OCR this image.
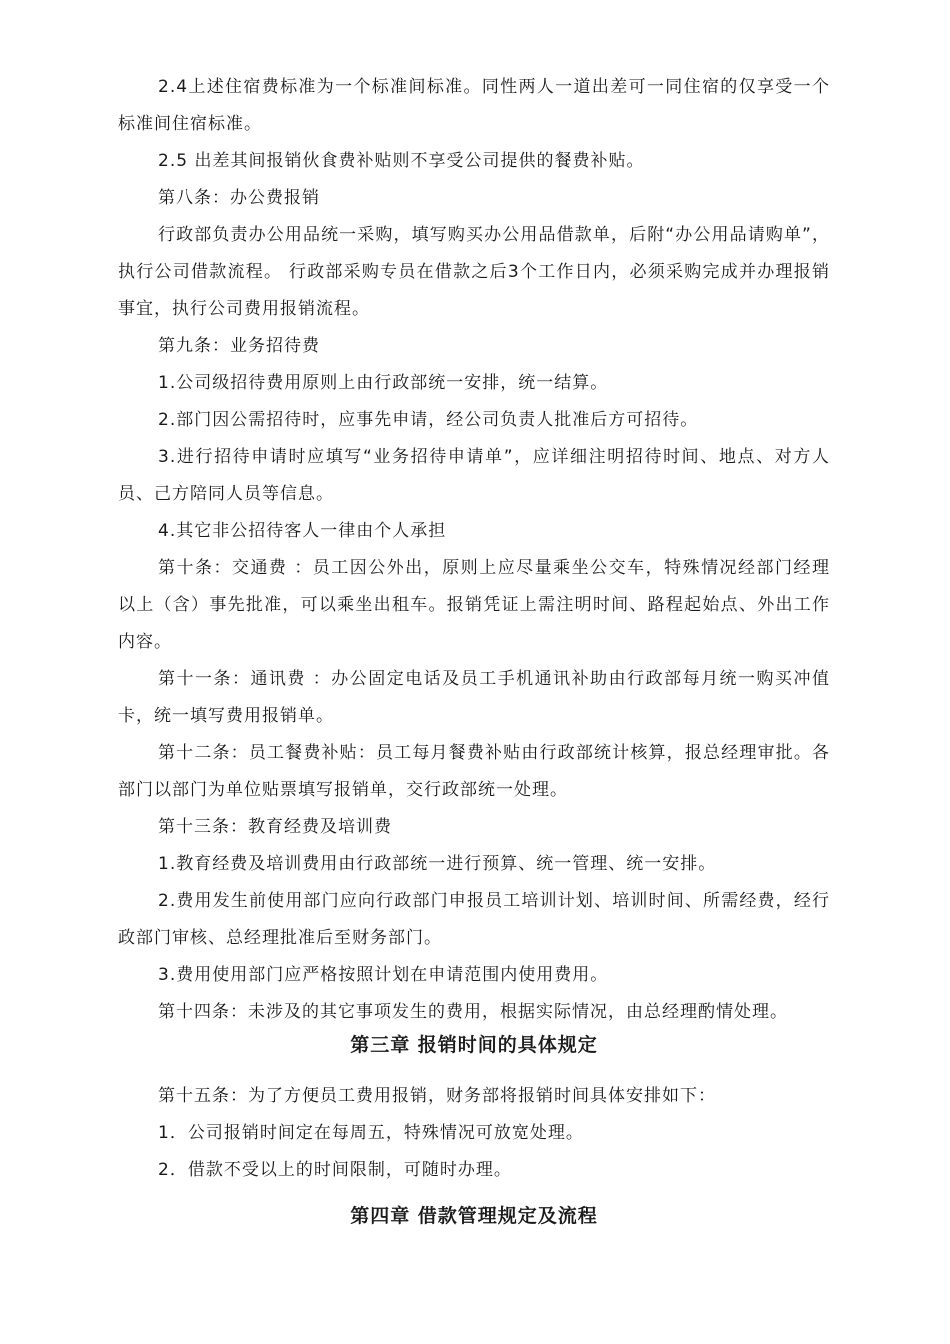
2.4上述住宿费标准为一个标准间标准。同性两人一道出差可一同住宿的仅享受一个标准间住宿标准。

2.5 出差其间报销伙食费补贴则不享受公司提供的餐费补贴。

第八条：办公费报销

行政部负责办公用品统一采购，填写购买办公用品借款单，后附“办公用品请购单”，执行公司借款流程。 行政部采购专员在借款之后3个工作日内，必须采购完成并办理报销事宜，执行公司费用报销流程。

第九条：业务招待费

1.公司级招待费用原则上由行政部统一安排，统一结算。

2.部门因公需招待时，应事先申请，经公司负责人批准后方可招待。

3.进行招待申请时应填写“业务招待申请单”，应详细注明招待时间、地点、对方人员、己方陪同人员等信息。

4.其它非公招待客人一律由个人承担

第十条：交通费 ：员工因公外出，原则上应尽量乘坐公交车，特殊情况经部门经理以上（含）事先批准，可以乘坐出租车。报销凭证上需注明时间、路程起始点、外出工作内容。

第十一条：通讯费 ：办公固定电话及员工手机通讯补助由行政部每月统一购买冲值卡，统一填写费用报销单。

第十二条：员工餐费补贴：员工每月餐费补贴由行政部统计核算，报总经理审批。各部门以部门为单位贴票填写报销单，交行政部统一处理。

第十三条：教育经费及培训费

1.教育经费及培训费用由行政部统一进行预算、统一管理、统一安排。

2.费用发生前使用部门应向行政部门申报员工培训计划、培训时间、所需经费，经行政部门审核、总经理批准后至财务部门。

3.费用使用部门应严格按照计划在申请范围内使用费用。

第十四条：未涉及的其它事项发生的费用，根据实际情况，由总经理酌情处理。

第三章 报销时间的具体规定

第十五条：为了方便员工费用报销，财务部将报销时间具体安排如下：

1．公司报销时间定在每周五，特殊情况可放宽处理。

2．借款不受以上的时间限制，可随时办理。

第四章 借款管理规定及流程
